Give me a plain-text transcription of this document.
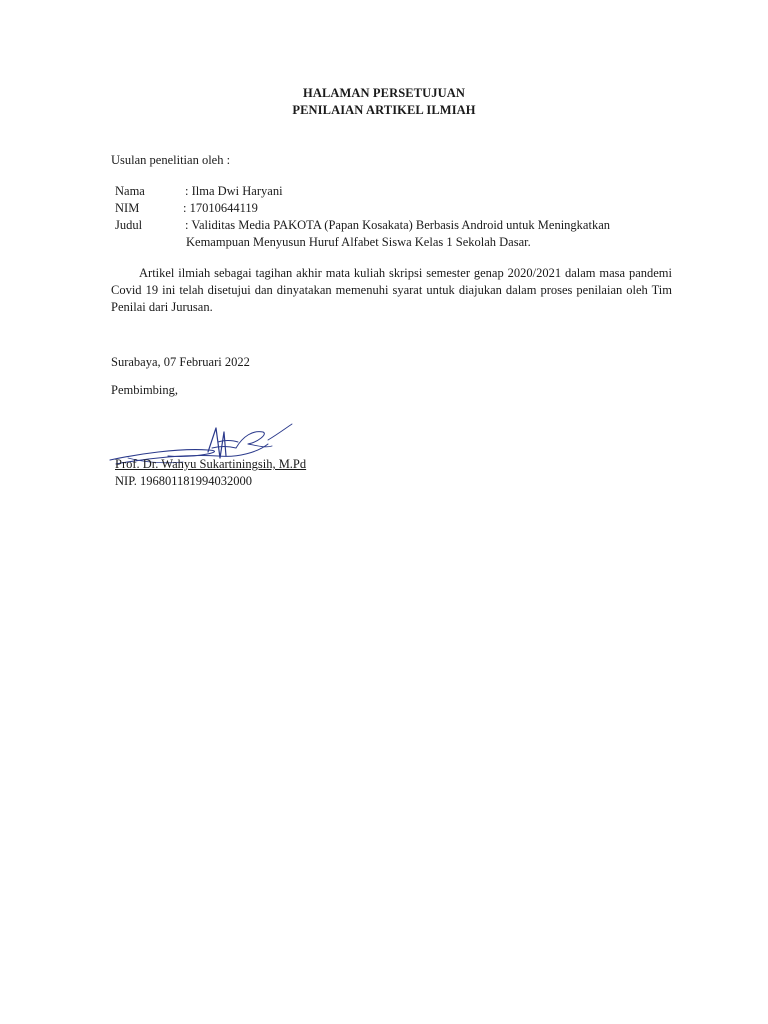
HALAMAN PERSETUJUAN
PENILAIAN ARTIKEL ILMIAH
Usulan penelitian oleh :
Nama	: Ilma Dwi Haryani
NIM	: 17010644119
Judul	: Validitas Media PAKOTA (Papan Kosakata) Berbasis Android untuk Meningkatkan
Kemampuan Menyusun Huruf Alfabet Siswa Kelas 1 Sekolah Dasar.
Artikel ilmiah sebagai tagihan akhir mata kuliah skripsi semester genap 2020/2021 dalam masa pandemi Covid 19 ini telah disetujui dan dinyatakan memenuhi syarat untuk diajukan dalam proses penilaian oleh Tim Penilai dari Jurusan.
Surabaya, 07 Februari 2022
Pembimbing,
Prof. Dr. Wahyu Sukartiningsih, M.Pd
NIP. 196801181994032000
